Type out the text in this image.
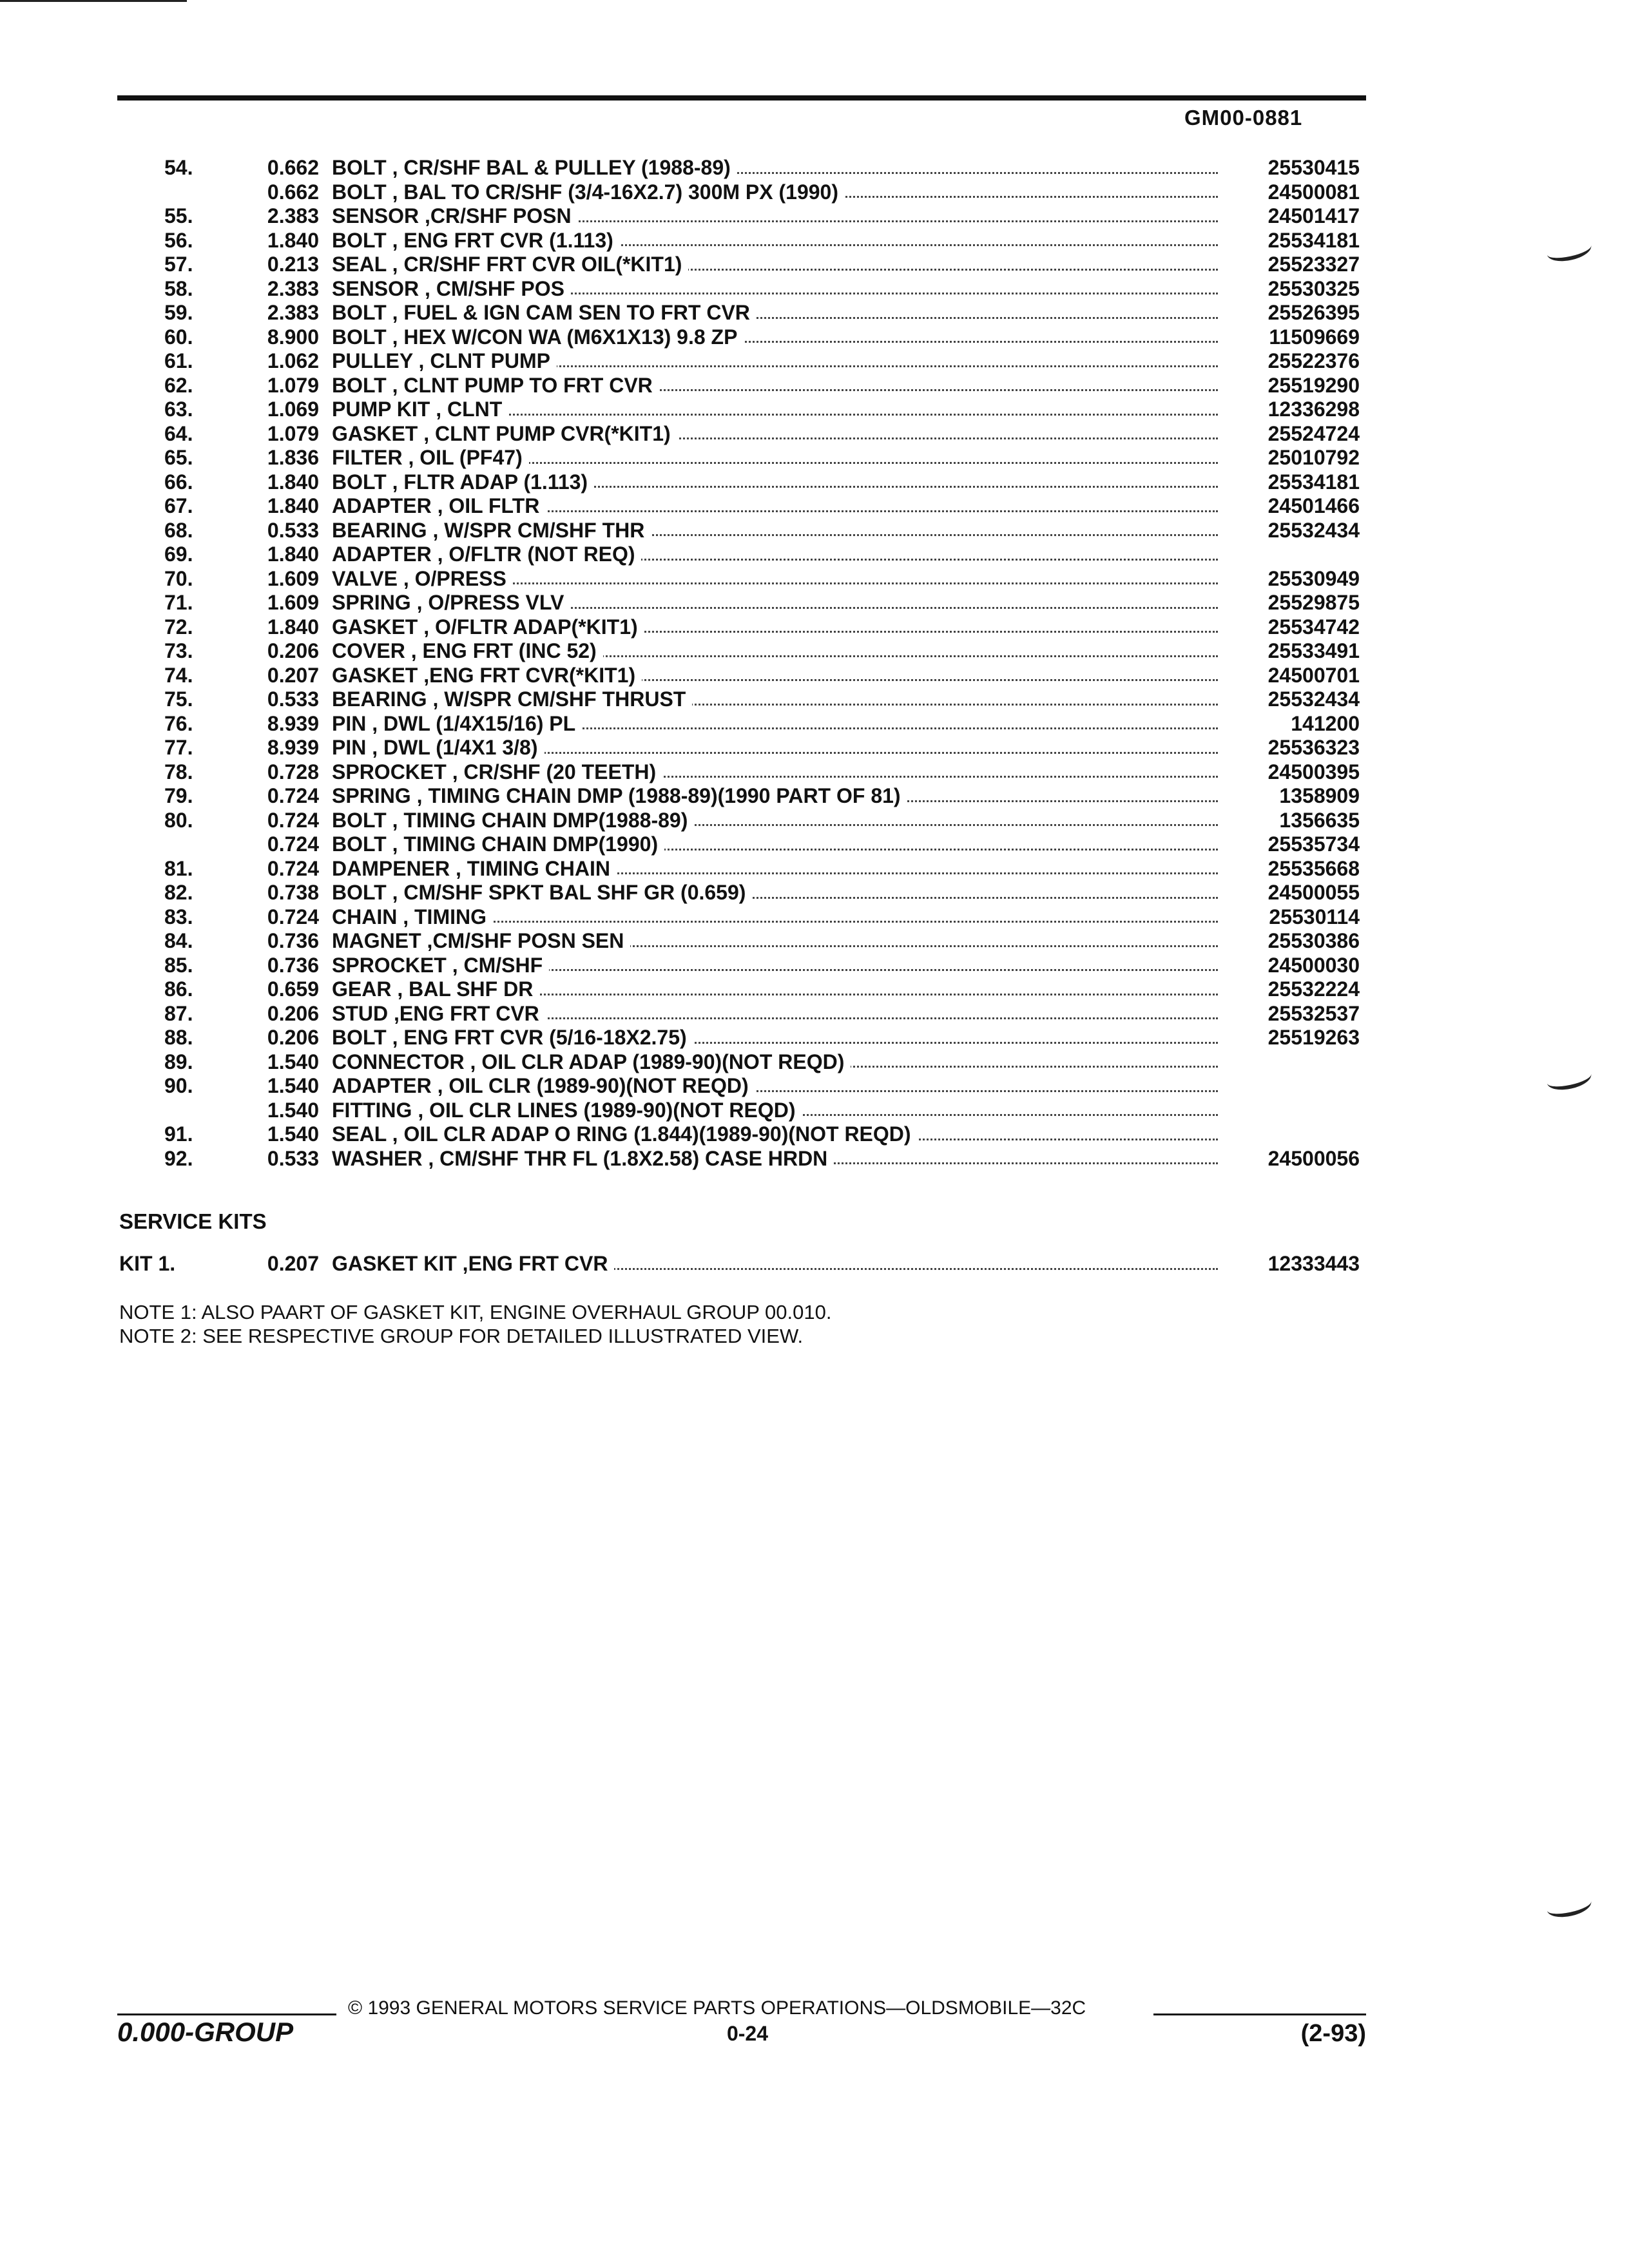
GM00-0881
54.	0.662 BOLT , CR/SHF BAL & PULLEY (1988-89)	25530415
0.662 BOLT , BAL TO CR/SHF (3/4-16X2.7) 300M PX (1990)	24500081
55.	2.383 SENSOR ,CR/SHF POSN	24501417
56.	1.840 BOLT , ENG FRT CVR (1.113)	25534181
57.	0.213 SEAL , CR/SHF FRT CVR OIL(*KIT1)	25523327
58.	2.383 SENSOR , CM/SHF POS	25530325
59.	2.383 BOLT , FUEL & IGN CAM SEN TO FRT CVR	25526395
60.	8.900 BOLT , HEX W/CON WA (M6X1X13) 9.8 ZP	11509669
61.	1.062 PULLEY , CLNT PUMP	25522376
62.	1.079 BOLT , CLNT PUMP TO FRT CVR	25519290
63.	1.069 PUMP KIT , CLNT	12336298
64.	1.079 GASKET , CLNT PUMP CVR(*KIT1)	25524724
65.	1.836 FILTER , OIL (PF47)	25010792
66.	1.840 BOLT , FLTR ADAP (1.113)	25534181
67.	1.840 ADAPTER , OIL FLTR	24501466
68.	0.533 BEARING , W/SPR CM/SHF THR	25532434
69.	1.840 ADAPTER , O/FLTR (NOT REQ)
70.	1.609 VALVE , O/PRESS	25530949
71.	1.609 SPRING , O/PRESS VLV	25529875
72.	1.840 GASKET , O/FLTR ADAP(*KIT1)	25534742
73.	0.206 COVER , ENG FRT (INC 52)	25533491
74.	0.207 GASKET ,ENG FRT CVR(*KIT1)	24500701
75.	0.533 BEARING , W/SPR CM/SHF THRUST	25532434
76.	8.939 PIN , DWL (1/4X15/16) PL	141200
77.	8.939 PIN , DWL (1/4X1 3/8)	25536323
78.	0.728 SPROCKET , CR/SHF (20 TEETH)	24500395
79.	0.724 SPRING , TIMING CHAIN DMP (1988-89)(1990 PART OF 81)	1358909
80.	0.724 BOLT , TIMING CHAIN DMP(1988-89)	1356635
0.724 BOLT , TIMING CHAIN DMP(1990)	25535734
81.	0.724 DAMPENER , TIMING CHAIN	25535668
82.	0.738 BOLT , CM/SHF SPKT BAL SHF GR (0.659)	24500055
83.	0.724 CHAIN , TIMING	25530114
84.	0.736 MAGNET ,CM/SHF POSN SEN	25530386
85.	0.736 SPROCKET , CM/SHF	24500030
86.	0.659 GEAR , BAL SHF DR	25532224
87.	0.206 STUD ,ENG FRT CVR	25532537
88.	0.206 BOLT , ENG FRT CVR (5/16-18X2.75)	25519263
89.	1.540 CONNECTOR , OIL CLR ADAP (1989-90)(NOT REQD)
90.	1.540 ADAPTER , OIL CLR (1989-90)(NOT REQD)
1.540 FITTING , OIL CLR LINES (1989-90)(NOT REQD)
91.	1.540 SEAL , OIL CLR ADAP O RING (1.844)(1989-90)(NOT REQD)
92.	0.533 WASHER , CM/SHF THR FL (1.8X2.58) CASE HRDN	24500056
SERVICE KITS
KIT 1.	0.207 GASKET KIT ,ENG FRT CVR	12333443
NOTE 1: ALSO PAART OF GASKET KIT, ENGINE OVERHAUL GROUP 00.010.
NOTE 2: SEE RESPECTIVE GROUP FOR DETAILED ILLUSTRATED VIEW.
© 1993 GENERAL MOTORS SERVICE PARTS OPERATIONS—OLDSMOBILE—32C
0.000-GROUP	0-24	(2-93)
